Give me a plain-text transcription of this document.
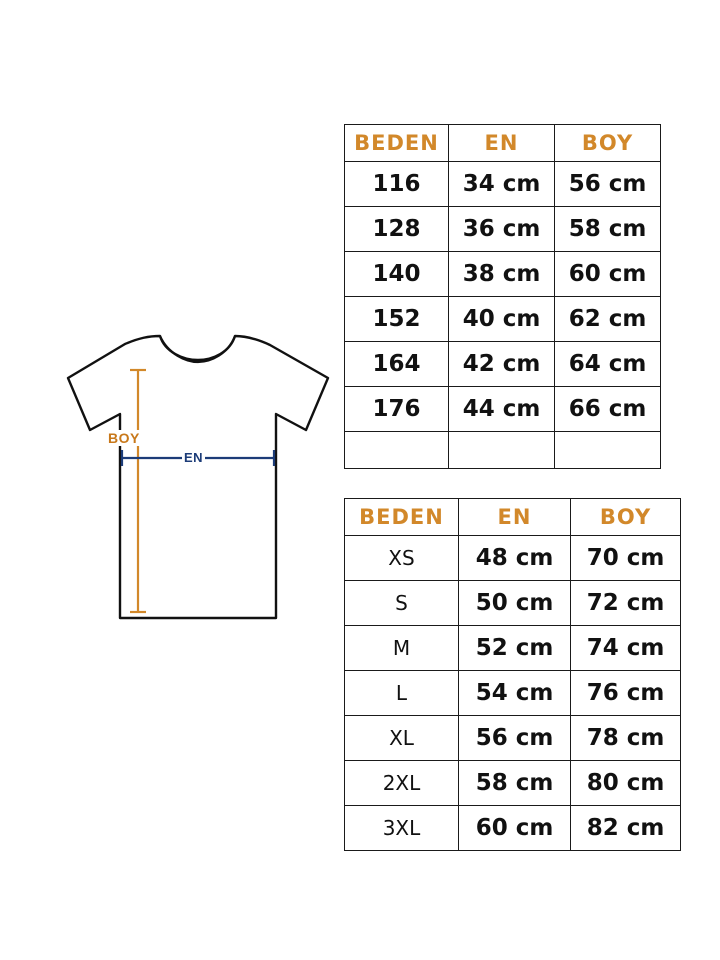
BOY
EN
BEDEN	EN	BOY
116	34 cm	56 cm
128	36 cm	58 cm
140	38 cm	60 cm
152	40 cm	62 cm
164	42 cm	64 cm
176	44 cm	66 cm

BEDEN	EN	BOY
XS	48 cm	70 cm
S	50 cm	72 cm
M	52 cm	74 cm
L	54 cm	76 cm
XL	56 cm	78 cm
2XL	58 cm	80 cm
3XL	60 cm	82 cm
